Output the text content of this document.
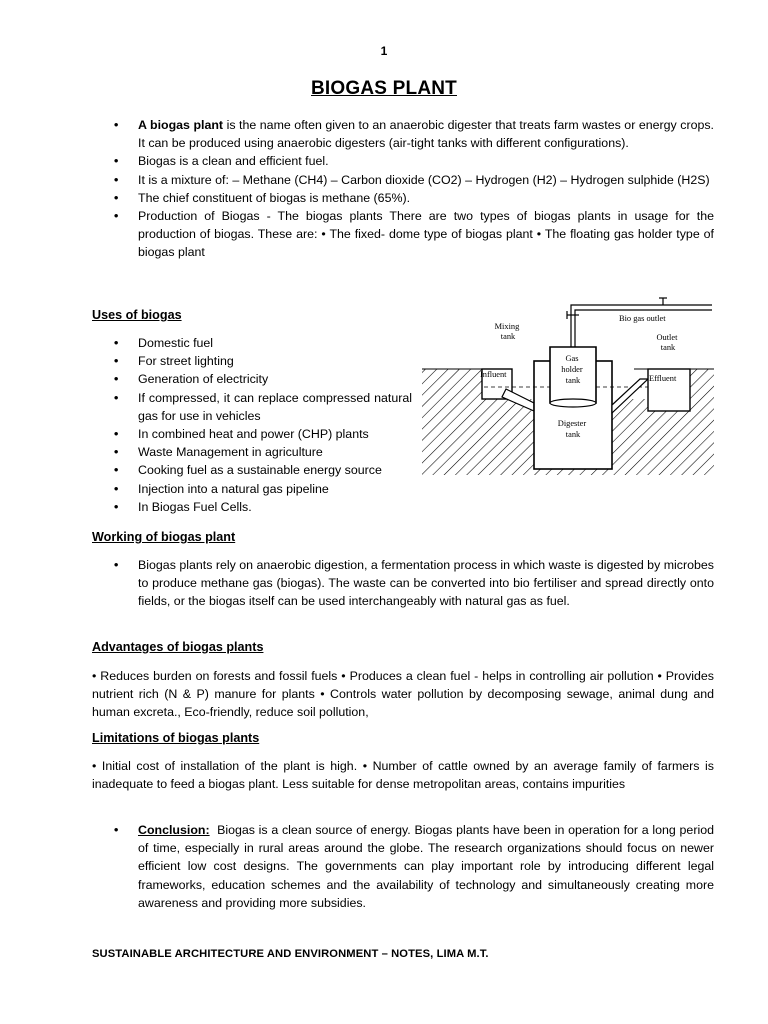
1
BIOGAS PLANT
• A biogas plant is the name often given to an anaerobic digester that treats farm wastes or energy crops. It can be produced using anaerobic digesters (air-tight tanks with different configurations).
• Biogas is a clean and efficient fuel.
• It is a mixture of: – Methane (CH4) – Carbon dioxide (CO2) – Hydrogen (H2) – Hydrogen sulphide (H2S)
• The chief constituent of biogas is methane (65%).
• Production of Biogas - The biogas plants There are two types of biogas plants in usage for the production of biogas. These are: • The fixed- dome type of biogas plant • The floating gas holder type of biogas plant
Uses of biogas
• Domestic fuel
• For street lighting
• Generation of electricity
• If compressed, it can replace compressed natural gas for use in vehicles
• In combined heat and power (CHP) plants
• Waste Management in agriculture
• Cooking fuel as a sustainable energy source
• Injection into a natural gas pipeline
• In Biogas Fuel Cells.
Mixing tank
Influent
Gas holder tank
Digester tank
Bio gas outlet
Outlet tank
Effluent
Working of biogas plant
• Biogas plants rely on anaerobic digestion, a fermentation process in which waste is digested by microbes to produce methane gas (biogas). The waste can be converted into bio fertiliser and spread directly onto fields, or the biogas itself can be used interchangeably with natural gas as fuel.
Advantages of biogas plants

• Reduces burden on forests and fossil fuels • Produces a clean fuel - helps in controlling air pollution • Provides nutrient rich (N & P) manure for plants • Controls water pollution by decomposing sewage, animal dung and human excreta., Eco-friendly, reduce soil pollution,

Limitations of biogas plants

• Initial cost of installation of the plant is high. • Number of cattle owned by an average family of farmers is inadequate to feed a biogas plant. Less suitable for dense metropolitan areas, contains impurities

• Conclusion: Biogas is a clean source of energy. Biogas plants have been in operation for a long period of time, especially in rural areas around the globe. The research organizations should focus on newer efficient low cost designs. The governments can play important role by introducing different legal frameworks, education schemes and the availability of technology and simultaneously creating more awareness and providing more subsidies.
SUSTAINABLE ARCHITECTURE AND ENVIRONMENT – NOTES, LIMA M.T.
